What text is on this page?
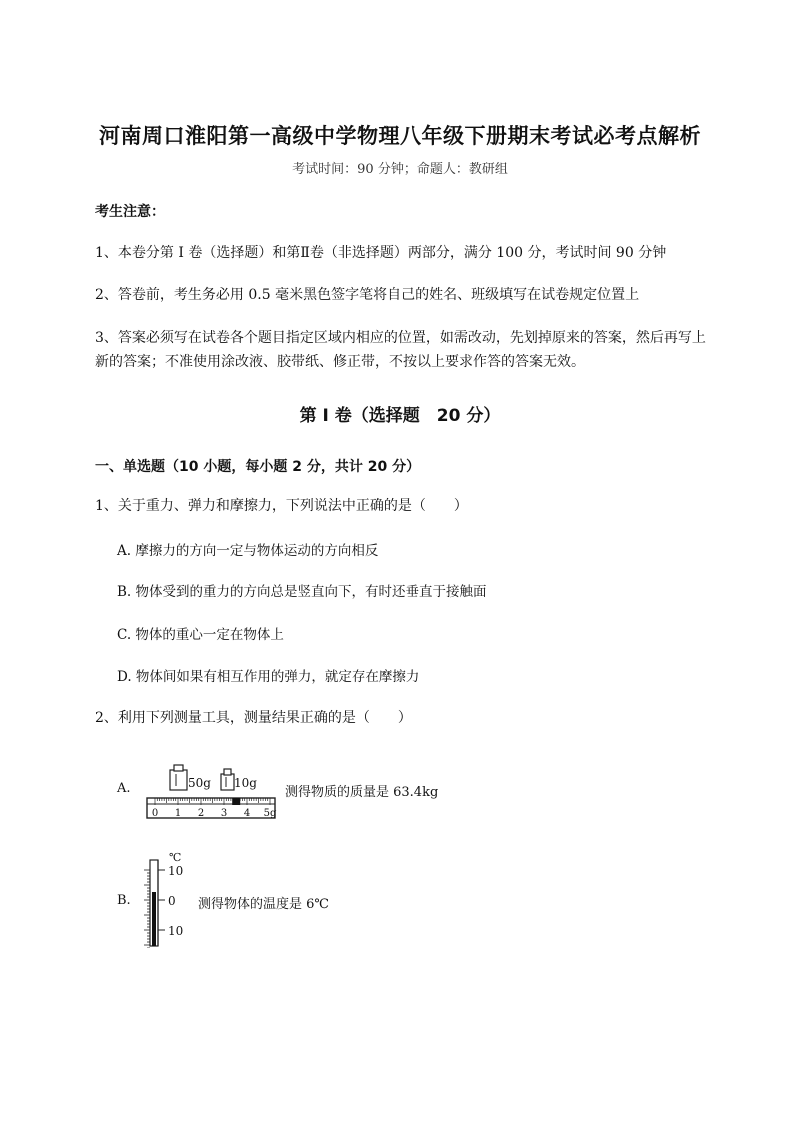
河南周口淮阳第一高级中学物理八年级下册期末考试必考点解析
考试时间：90 分钟；命题人：教研组
考生注意：
1、本卷分第 I 卷（选择题）和第Ⅱ卷（非选择题）两部分，满分 100 分，考试时间 90 分钟
2、答卷前，考生务必用 0.5 毫米黑色签字笔将自己的姓名、班级填写在试卷规定位置上
3、答案必须写在试卷各个题目指定区域内相应的位置，如需改动，先划掉原来的答案，然后再写上新的答案；不准使用涂改液、胶带纸、修正带，不按以上要求作答的答案无效。
第 I 卷（选择题　20 分）
一、单选题（10 小题，每小题 2 分，共计 20 分）
1、关于重力、弹力和摩擦力，下列说法中正确的是（　　）
A. 摩擦力的方向一定与物体运动的方向相反
B. 物体受到的重力的方向总是竖直向下，有时还垂直于接触面
C. 物体的重心一定在物体上
D. 物体间如果有相互作用的弹力，就定存在摩擦力
2、利用下列测量工具，测量结果正确的是（　　）
A.	50g 10g
0 1 2 3 4 5g
测得物质的质量是 63.4kg
B.
℃
10
0
10
测得物体的温度是 6℃
